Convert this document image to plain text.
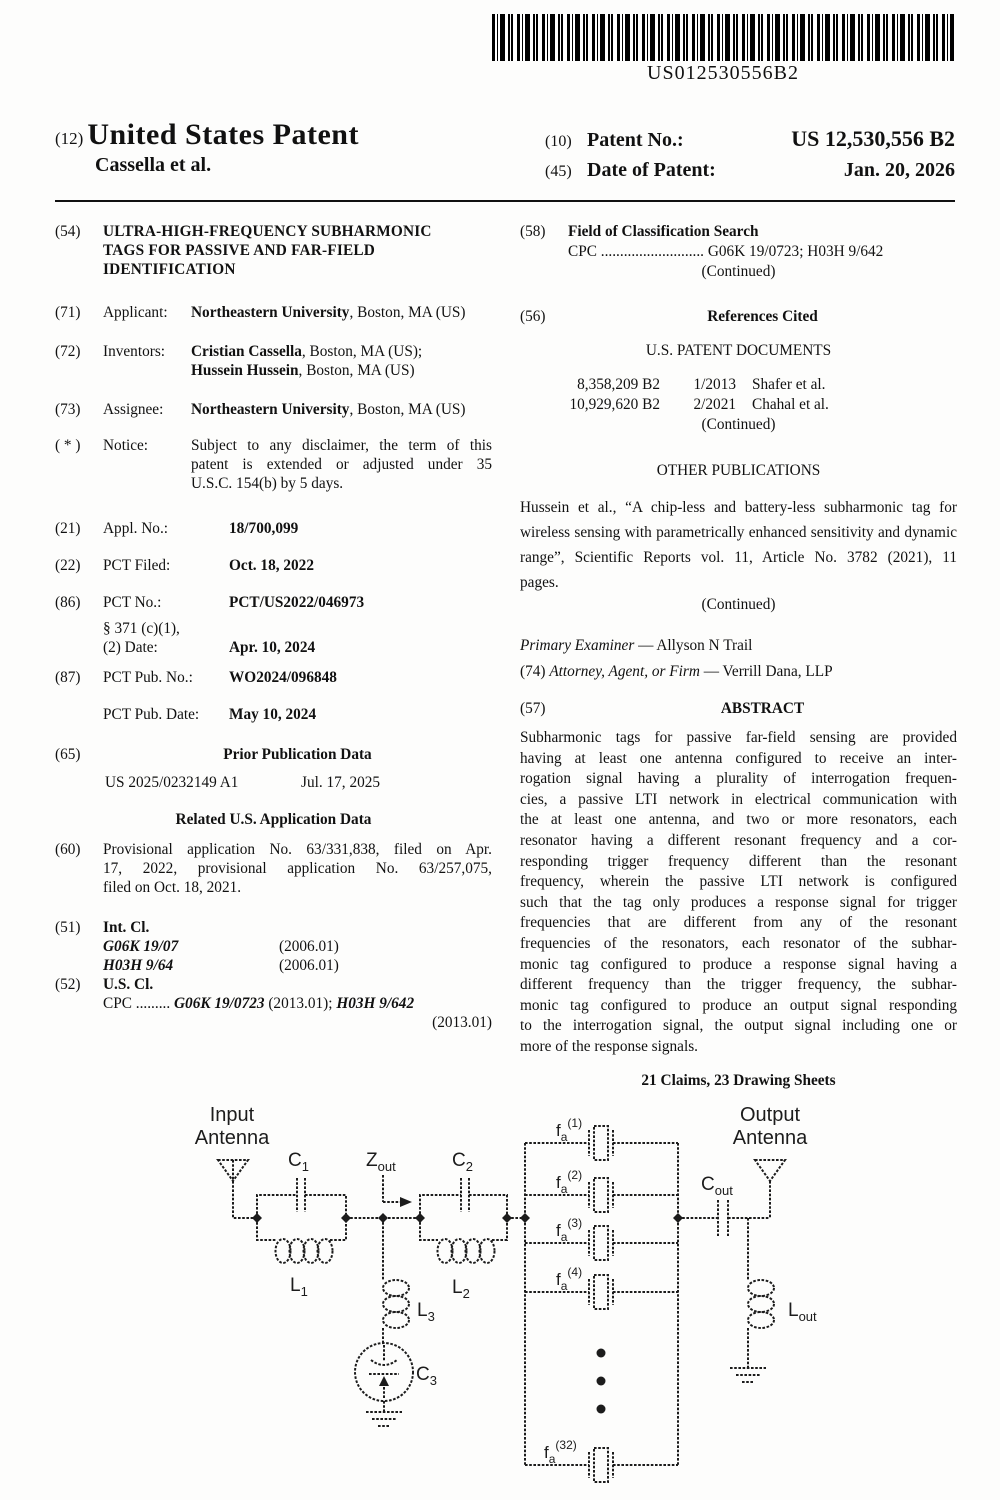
US012530556B2
(12) United States Patent
Cassella et al.
(10) Patent No.:	US 12,530,556 B2
(45) Date of Patent:	Jan. 20, 2026
(54)	ULTRA-HIGH-FREQUENCY SUBHARMONIC
TAGS FOR PASSIVE AND FAR-FIELD
IDENTIFICATION
(71)	Applicant:	Northeastern University, Boston, MA (US)
(72)	Inventors:	Cristian Cassella, Boston, MA (US);
Hussein Hussein, Boston, MA (US)
(73)	Assignee:	Northeastern University, Boston, MA (US)
( * )	Notice:	Subject to any disclaimer, the term of this
patent is extended or adjusted under 35
U.S.C. 154(b) by 5 days.
(21)	Appl. No.:	18/700,099
(22)	PCT Filed:	Oct. 18, 2022
(86)	PCT No.:	PCT/US2022/046973
§ 371 (c)(1),
(2) Date:	Apr. 10, 2024
(87)	PCT Pub. No.:	WO2024/096848
PCT Pub. Date:	May 10, 2024
(65)	Prior Publication Data
US 2025/0232149 A1	Jul. 17, 2025
Related U.S. Application Data
(60)	Provisional application No. 63/331,838, filed on Apr.
17, 2022, provisional application No. 63/257,075,
filed on Oct. 18, 2021.
(51)	Int. Cl.
G06K 19/07	(2006.01)
H03H 9/64	(2006.01)
(52)	U.S. Cl.
CPC ......... G06K 19/0723 (2013.01); H03H 9/642
(2013.01)
(58)	Field of Classification Search
CPC ........................... G06K 19/0723; H03H 9/642
(Continued)
(56)	References Cited
U.S. PATENT DOCUMENTS
8,358,209 B2	1/2013	Shafer et al.
10,929,620 B2	2/2021	Chahal et al.
(Continued)
OTHER PUBLICATIONS
Hussein et al., “A chip-less and battery-less subharmonic tag for
wireless sensing with parametrically enhanced sensitivity and dynamic
range”, Scientific Reports vol. 11, Article No. 3782 (2021), 11
pages.
(Continued)
Primary Examiner — Allyson N Trail
(74) Attorney, Agent, or Firm — Verrill Dana, LLP
(57)	ABSTRACT
Subharmonic tags for passive far-field sensing are provided
having at least one antenna configured to receive an inter-
rogation signal having a plurality of interrogation frequen-
cies, a passive LTI network in electrical communication with
the at least one antenna, and two or more resonators, each
resonator having a different resonant frequency and a cor-
responding trigger frequency different than the resonant
frequency, wherein the passive LTI network is configured
such that the tag only produces a response signal for trigger
frequencies that are different from any of the resonant
frequencies of the resonators, each resonator of the subhar-
monic tag configured to produce a response signal having a
different frequency than the trigger frequency, the subhar-
monic tag configured to produce an output signal responding
to the interrogation signal, the output signal including one or
more of the response signals.
21 Claims, 23 Drawing Sheets
Input
Antenna
Output
Antenna
$C_1$	$Z_{out}$	$C_2$
$L_1$	$L_2$
$L_3$
$C_3$
$C_{out}$
$L_{out}$
$f_a^{(1)}$
$f_a^{(2)}$
$f_a^{(3)}$
$f_a^{(4)}$
$f_a^{(32)}$
